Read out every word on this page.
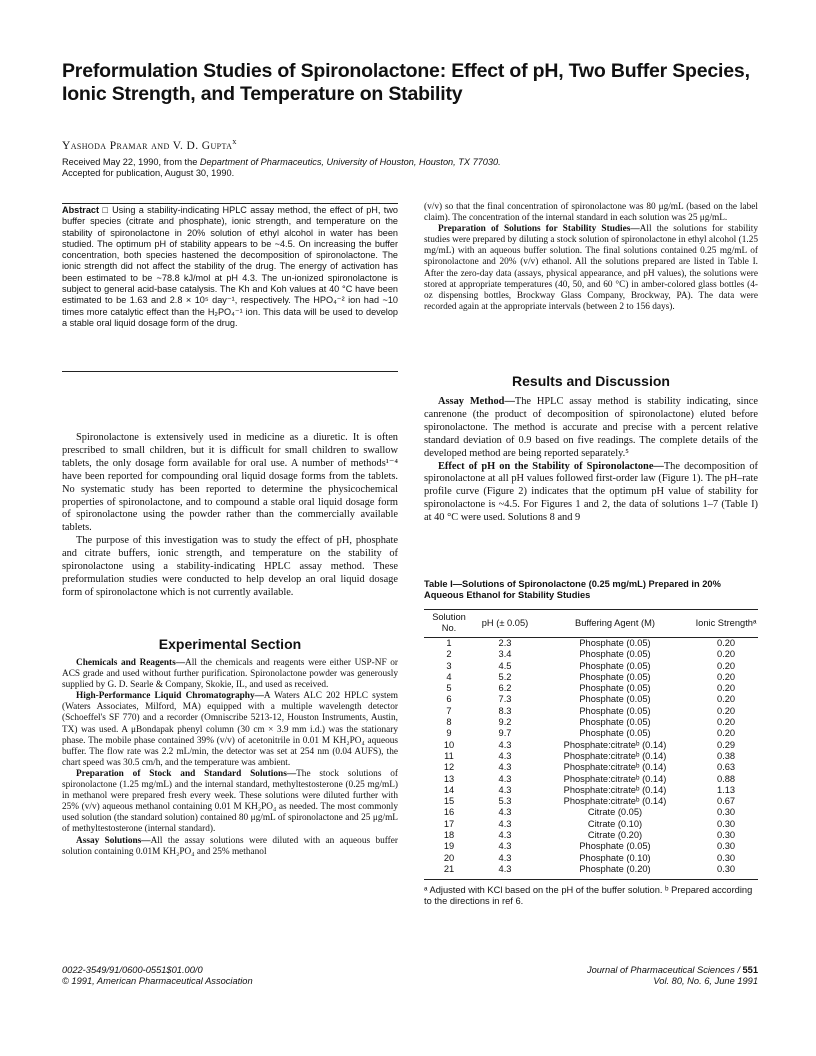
Preformulation Studies of Spironolactone: Effect of pH, Two Buffer Species, Ionic Strength, and Temperature on Stability
Yashoda Pramar and V. D. Gupta$^x$
Received May 22, 1990, from the Department of Pharmaceutics, University of Houston, Houston, TX 77030.
Accepted for publication, August 30, 1990.
Abstract □ Using a stability-indicating HPLC assay method, the effect of pH, two buffer species (citrate and phosphate), ionic strength, and temperature on the stability of spironolactone in 20% solution of ethyl alcohol in water has been studied. The optimum pH of stability appears to be ~4.5. On increasing the buffer concentration, both species hastened the decomposition of spironolactone. The ionic strength did not affect the stability of the drug. The energy of activation has been estimated to be ~78.8 kJ/mol at pH 4.3. The un-ionized spironolactone is subject to general acid-base catalysis. The Kh and Koh values at 40 °C have been estimated to be 1.63 and 2.8 × 10⁵ day⁻¹, respectively. The HPO₄⁻² ion had ~10 times more catalytic effect than the H₂PO₄⁻¹ ion. This data will be used to develop a stable oral liquid dosage form of the drug.

Spironolactone is extensively used in medicine as a diuretic. It is often prescribed to small children, but it is difficult for small children to swallow tablets, the only dosage form available for oral use. A number of methods¹⁻⁴ have been reported for compounding oral liquid dosage forms from the tablets. No systematic study has been reported to determine the physicochemical properties of spironolactone, and to compound a stable oral liquid dosage form of spironolactone using the powder rather than the commercially available tablets.

The purpose of this investigation was to study the effect of pH, phosphate and citrate buffers, ionic strength, and temperature on the stability of spironolactone using a stability-indicating HPLC assay method. These preformulation studies were conducted to help develop an oral liquid dosage form of spironolactone which is not currently available.

Experimental Section

Chemicals and Reagents—All the chemicals and reagents were either USP-NF or ACS grade and used without further purification. Spironolactone powder was generously supplied by G. D. Searle & Company, Skokie, IL, and used as received.

High-Performance Liquid Chromatography—A Waters ALC 202 HPLC system (Waters Associates, Milford, MA) equipped with a multiple wavelength detector (Schoeffel's SF 770) and a recorder (Omniscribe 5213-12, Houston Instruments, Austin, TX) was used. A μBondapak phenyl column (30 cm × 3.9 mm i.d.) was the stationary phase. The mobile phase contained 39% (v/v) of acetonitrile in 0.01 M KH₂PO₄ aqueous buffer. The flow rate was 2.2 mL/min, the detector was set at 254 nm (0.04 AUFS), the chart speed was 30.5 cm/h, and the temperature was ambient.

Preparation of Stock and Standard Solutions—The stock solutions of spironolactone (1.25 mg/mL) and the internal standard, methyltestosterone (0.25 mg/mL) in methanol were prepared fresh every week. These solutions were diluted further with 25% (v/v) aqueous methanol containing 0.01 M KH₂PO₄ as needed. The most commonly used solution (the standard solution) contained 80 μg/mL of spironolactone and 25 μg/mL of methyltestosterone (internal standard).

Assay Solutions—All the assay solutions were diluted with an aqueous buffer solution containing 0.01M KH₂PO₄ and 25% methanol

(v/v) so that the final concentration of spironolactone was 80 μg/mL (based on the label claim). The concentration of the internal standard in each solution was 25 μg/mL.

Preparation of Solutions for Stability Studies—All the solutions for stability studies were prepared by diluting a stock solution of spironolactone in ethyl alcohol (1.25 mg/mL) with an aqueous buffer solution. The final solutions contained 0.25 mg/mL of spironolactone and 20% (v/v) ethanol. All the solutions prepared are listed in Table I. After the zero-day data (assays, physical appearance, and pH values), the solutions were stored at appropriate temperatures (40, 50, and 60 °C) in amber-colored glass bottles (4-oz dispensing bottles, Brockway Glass Company, Brockway, PA). The data were recorded again at the appropriate intervals (between 2 to 156 days).

Results and Discussion

Assay Method—The HPLC assay method is stability indicating, since canrenone (the product of decomposition of spironolactone) eluted before spironolactone. The method is accurate and precise with a percent relative standard deviation of 0.9 based on five readings. The complete details of the developed method are being reported separately.⁵

Effect of pH on the Stability of Spironolactone—The decomposition of spironolactone at all pH values followed first-order law (Figure 1). The pH–rate profile curve (Figure 2) indicates that the optimum pH value of stability for spironolactone is ~4.5. For Figures 1 and 2, the data of solutions 1–7 (Table I) at 40 °C were used. Solutions 8 and 9

Table I—Solutions of Spironolactone (0.25 mg/mL) Prepared in 20% Aqueous Ethanol for Stability Studies
Solution No.	pH (± 0.05)	Buffering Agent (M)	Ionic Strengthᵃ
1	2.3	Phosphate (0.05)	0.20
2	3.4	Phosphate (0.05)	0.20
3	4.5	Phosphate (0.05)	0.20
4	5.2	Phosphate (0.05)	0.20
5	6.2	Phosphate (0.05)	0.20
6	7.3	Phosphate (0.05)	0.20
7	8.3	Phosphate (0.05)	0.20
8	9.2	Phosphate (0.05)	0.20
9	9.7	Phosphate (0.05)	0.20
10	4.3	Phosphate:citrateᵇ (0.14)	0.29
11	4.3	Phosphate:citrateᵇ (0.14)	0.38
12	4.3	Phosphate:citrateᵇ (0.14)	0.63
13	4.3	Phosphate:citrateᵇ (0.14)	0.88
14	4.3	Phosphate:citrateᵇ (0.14)	1.13
15	5.3	Phosphate:citrateᵇ (0.14)	0.67
16	4.3	Citrate (0.05)	0.30
17	4.3	Citrate (0.10)	0.30
18	4.3	Citrate (0.20)	0.30
19	4.3	Phosphate (0.05)	0.30
20	4.3	Phosphate (0.10)	0.30
21	4.3	Phosphate (0.20)	0.30
ᵃ Adjusted with KCl based on the pH of the buffer solution. ᵇ Prepared according to the directions in ref 6.
0022-3549/91/0600-0551$01.00/0
© 1991, American Pharmaceutical Association
Journal of Pharmaceutical Sciences / 551
Vol. 80, No. 6, June 1991
